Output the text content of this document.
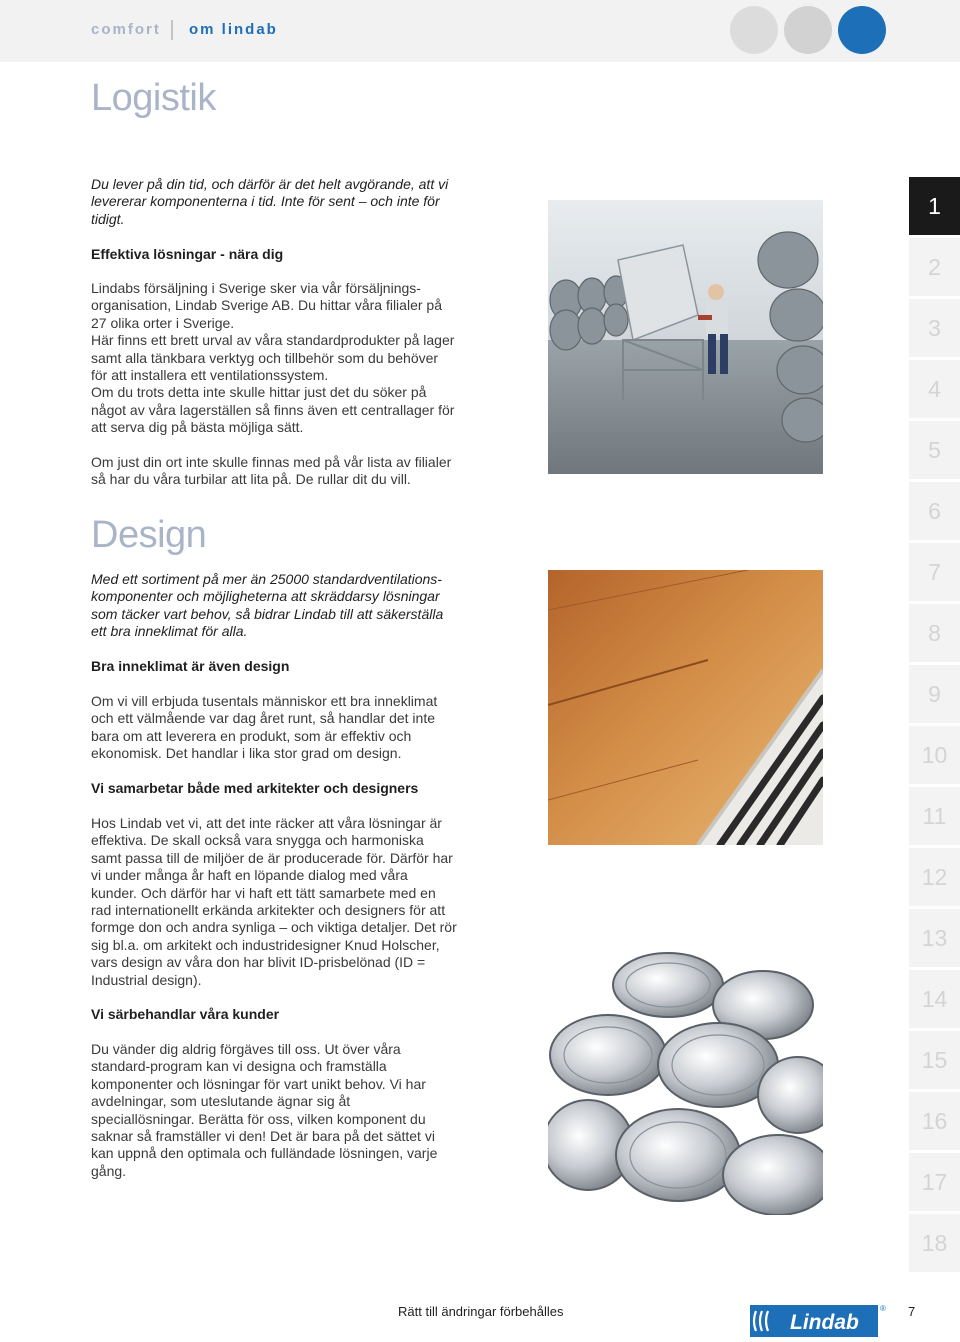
comfort om lindab
Logistik

Du lever på din tid, och därför är det helt avgörande, att vi levererar komponenterna i tid. Inte för sent – och inte för tidigt.

Effektiva lösningar - nära dig

Lindabs försäljning i Sverige sker via vår försäljnings-organisation, Lindab Sverige AB. Du hittar våra filialer på 27 olika orter i Sverige.

Här finns ett brett urval av våra standardprodukter på lager samt alla tänkbara verktyg och tillbehör som du behöver för att installera ett ventilationssystem.

Om du trots detta inte skulle hittar just det du söker på något av våra lagerställen så finns även ett centrallager för att serva dig på bästa möjliga sätt.

Om just din ort inte skulle finnas med på vår lista av filialer så har du våra turbilar att lita på. De rullar dit du vill.

Design

Med ett sortiment på mer än 25000 standardventilations-komponenter och möjligheterna att skräddarsy lösningar som täcker vart behov, så bidrar Lindab till att säkerställa ett bra inneklimat för alla.

Bra inneklimat är även design

Om vi vill erbjuda tusentals människor ett bra inneklimat och ett välmående var dag året runt, så handlar det inte bara om att leverera en produkt, som är effektiv och ekonomisk. Det handlar i lika stor grad om design.

Vi samarbetar både med arkitekter och designers

Hos Lindab vet vi, att det inte räcker att våra lösningar är effektiva. De skall också vara snygga och harmoniska samt passa till de miljöer de är producerade för. Därför har vi under många år haft en löpande dialog med våra kunder. Och därför har vi haft ett tätt samarbete med en rad internationellt erkända arkitekter och designers för att formge don och andra synliga – och viktiga detaljer. Det rör sig bl.a. om arkitekt och industridesigner Knud Holscher, vars design av våra don har blivit ID-prisbelönad (ID = Industrial design).

Vi särbehandlar våra kunder

Du vänder dig aldrig förgäves till oss. Ut över våra standard-program kan vi designa och framställa komponenter och lösningar för vart unikt behov. Vi har avdelningar, som uteslutande ägnar sig åt speciallösningar. Berätta för oss, vilken komponent du saknar så framställer vi den! Det är bara på det sättet vi kan uppnå den optimala och fulländade lösningen, varje gång.

1
2
3
4
5
6
7
8
9
10
11
12
13
14
15
16
17
18
Rätt till ändringar förbehålles	Lindab
® 7
